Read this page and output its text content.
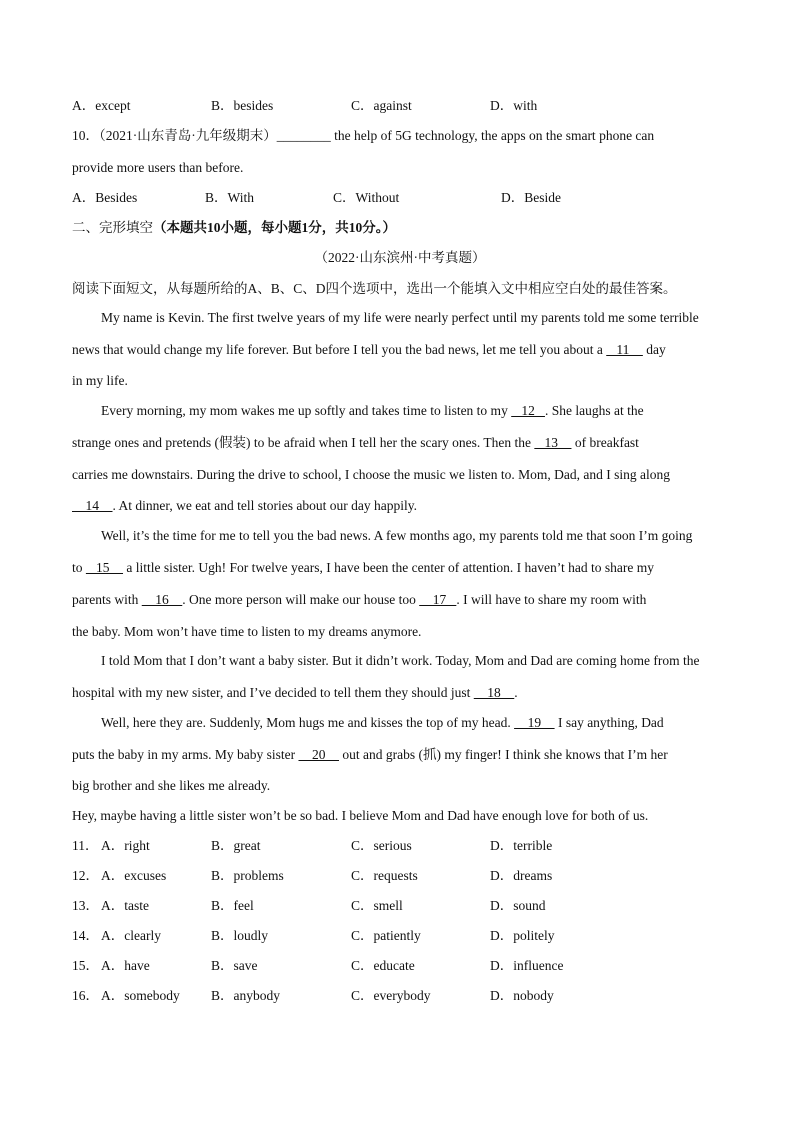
A．except	B．besides	C．against	D．with
10．（2021·山东青岛·九年级期末）________ the help of 5G technology, the apps on the smart phone can
provide more users than before.
A．Besides	B．With	C．Without	D．Beside
二、完形填空（本题共10小题，每小题1分，共10分。）
（2022·山东滨州·中考真题）
阅读下面短文，从每题所给的A、B、C、D四个选项中，选出一个能填入文中相应空白处的最佳答案。
My name is Kevin. The first twelve years of my life were nearly perfect until my parents told me some terrible
news that would change my life forever. But before I tell you the bad news, let me tell you about a    11     day
in my life.
Every morning, my mom wakes me up softly and takes time to listen to my    12   . She laughs at the
strange ones and pretends (假装) to be afraid when I tell her the scary ones. Then the    13     of breakfast
carries me downstairs. During the drive to school, I choose the music we listen to. Mom, Dad, and I sing along
14    . At dinner, we eat and tell stories about our day happily.
Well, it’s the time for me to tell you the bad news. A few months ago, my parents told me that soon I’m going
to    15     a little sister. Ugh! For twelve years, I have been the center of attention. I haven’t had to share my
parents with     16    . One more person will make our house too     17   . I will have to share my room with
the baby. Mom won’t have time to listen to my dreams anymore.
I told Mom that I don’t want a baby sister. But it didn’t work. Today, Mom and Dad are coming home from the
hospital with my new sister, and I’ve decided to tell them they should just     18    .
Well, here they are. Suddenly, Mom hugs me and kisses the top of my head.     19     I say anything, Dad
puts the baby in my arms. My baby sister     20     out and grabs (抓) my finger! I think she knows that I’m her
big brother and she likes me already.
Hey, maybe having a little sister won’t be so bad. I believe Mom and Dad have enough love for both of us.
11． A．right	B．great	C．serious	D．terrible
12． A．excuses	B．problems	C．requests	D．dreams
13． A．taste	B．feel	C．smell	D．sound
14． A．clearly	B．loudly	C．patiently	D．politely
15． A．have	B．save	C．educate	D．influence
16． A．somebody B．anybody	C．everybody	D．nobody
